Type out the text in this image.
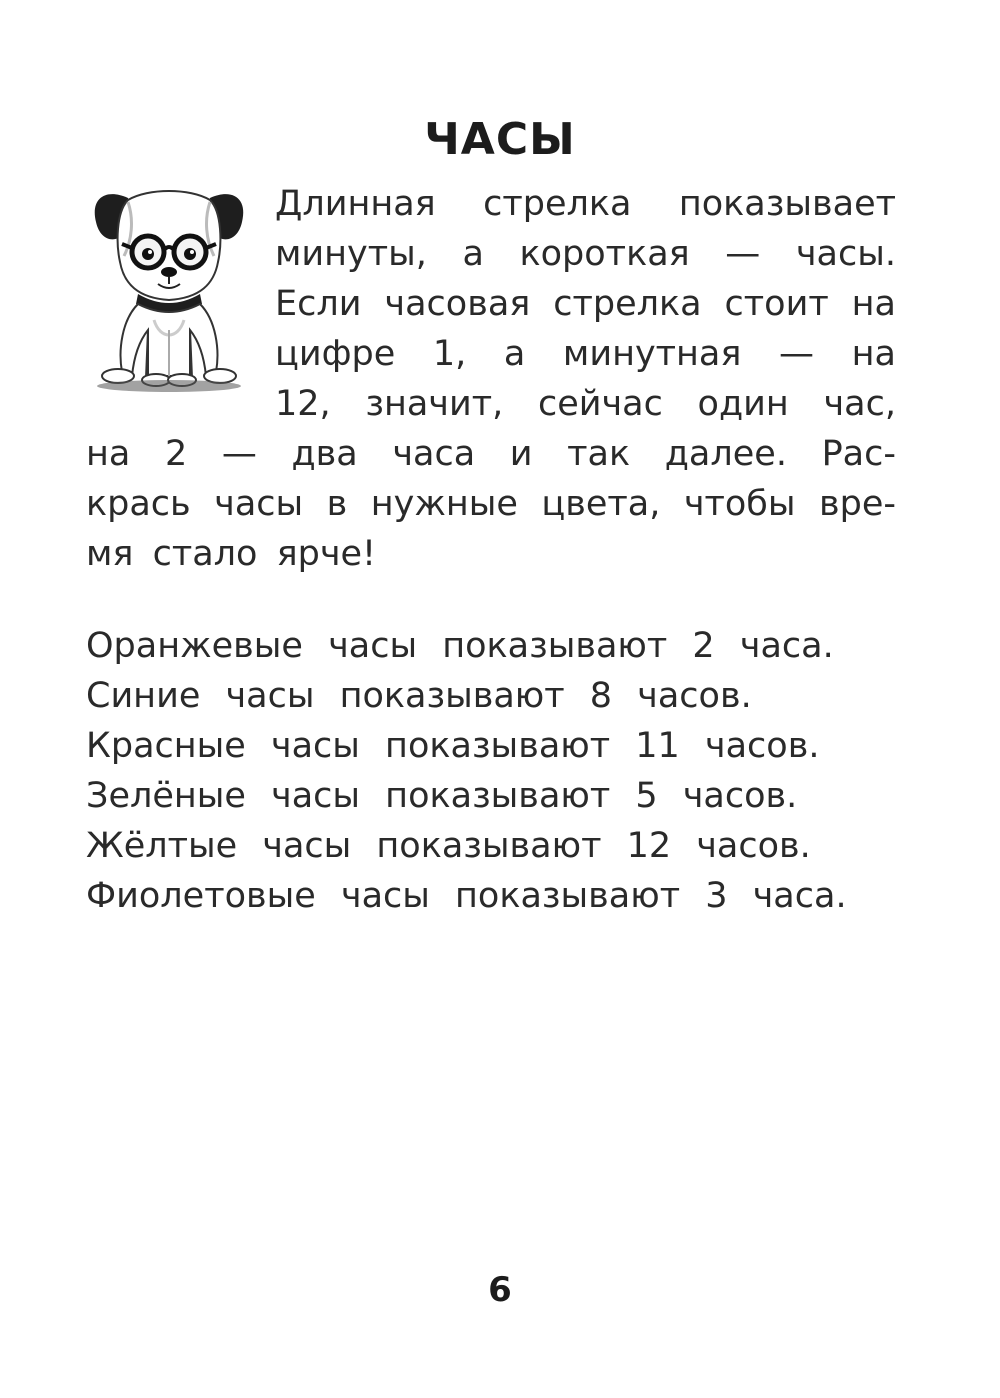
ЧАСЫ

Длинная стрелка показывает

минуты, а короткая — часы.

Если часовая стрелка стоит на

цифре 1, а минутная — на

12, значит, сейчас один час,

на 2 — два часа и так далее. Рас-

крась часы в нужные цвета, чтобы вре-

мя стало ярче!

Оранжевые часы показывают 2 часа.

Синие часы показывают 8 часов.

Красные часы показывают 11 часов.

Зелёные часы показывают 5 часов.

Жёлтые часы показывают 12 часов.

Фиолетовые часы показывают 3 часа.

6
